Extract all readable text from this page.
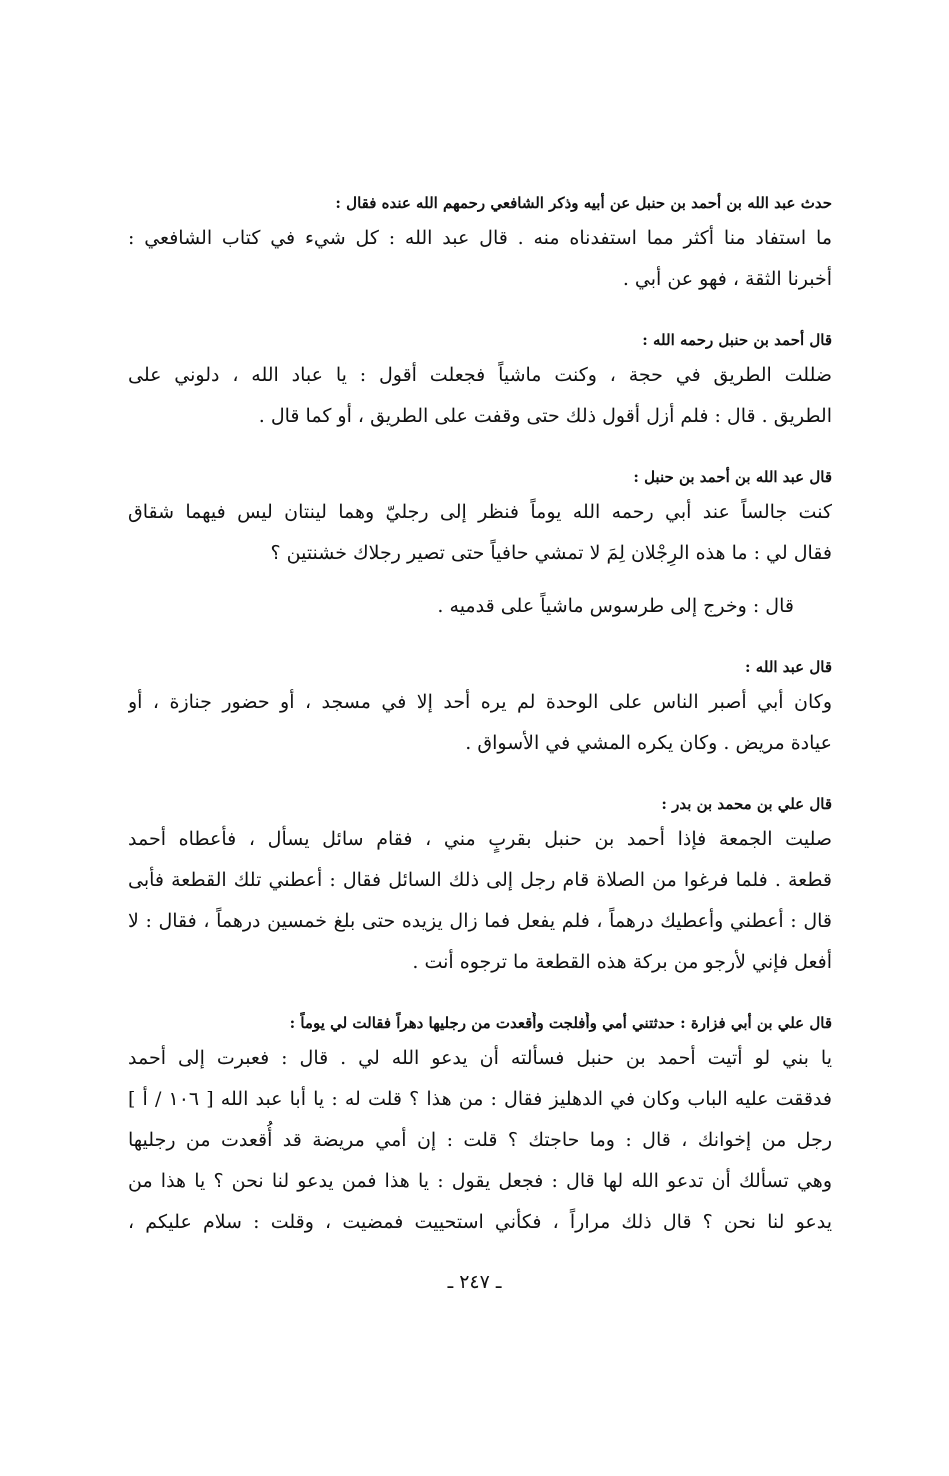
حدث عبد الله بن أحمد بن حنبل عن أبيه وذكر الشافعي رحمهم الله عنده فقال :

ما استفاد منا أكثر مما استفدناه منه . قال عبد الله : كل شيء في كتاب الشافعي :
أخبرنا الثقة ، فهو عن أبي .

قال أحمد بن حنبل رحمه الله :

ضللت الطريق في حجة ، وكنت ماشياً فجعلت أقول : يا عباد الله ، دلوني على
الطريق . قال : فلم أزل أقول ذلك حتى وقفت على الطريق ، أو كما قال .

قال عبد الله بن أحمد بن حنبل :

كنت جالساً عند أبي رحمه الله يوماً فنظر إلى رجليّ وهما لينتان ليس فيهما شقاق
فقال لي : ما هذه الرِجْلان لِمَ لا تمشي حافياً حتى تصير رجلاك خشنتين ؟
قال : وخرج إلى طرسوس ماشياً على قدميه .

قال عبد الله :

وكان أبي أصبر الناس على الوحدة لم يره أحد إلا في مسجد ، أو حضور جنازة ، أو
عيادة مريض . وكان يكره المشي في الأسواق .

قال علي بن محمد بن بدر :

صليت الجمعة فإذا أحمد بن حنبل بقربٍ مني ، فقام سائل يسأل ، فأعطاه أحمد
قطعة . فلما فرغوا من الصلاة قام رجل إلى ذلك السائل فقال : أعطني تلك القطعة فأبى
قال : أعطني وأعطيك درهماً ، فلم يفعل فما زال يزيده حتى بلغ خمسين درهماً ، فقال : لا
أفعل فإني لأرجو من بركة هذه القطعة ما ترجوه أنت .

قال علي بن أبي فزارة : حدثتني أمي وأُفلجت وأُقعدت من رجليها دهراً فقالت لي يوماً :

يا بني لو أتيت أحمد بن حنبل فسألته أن يدعو الله لي . قال : فعبرت إلى أحمد
فدققت عليه الباب وكان في الدهليز فقال : من هذا ؟ قلت له : يا أبا عبد الله [ ١٠٦ / أ ]
رجل من إخوانك ، قال : وما حاجتك ؟ قلت : إن أمي مريضة قد أُقعدت من رجليها
وهي تسألك أن تدعو الله لها قال : فجعل يقول : يا هذا فمن يدعو لنا نحن ؟ يا هذا من
يدعو لنا نحن ؟ قال ذلك مراراً ، فكأني استحييت فمضيت ، وقلت : سلام عليكم ،
ـ ٢٤٧ ـ
